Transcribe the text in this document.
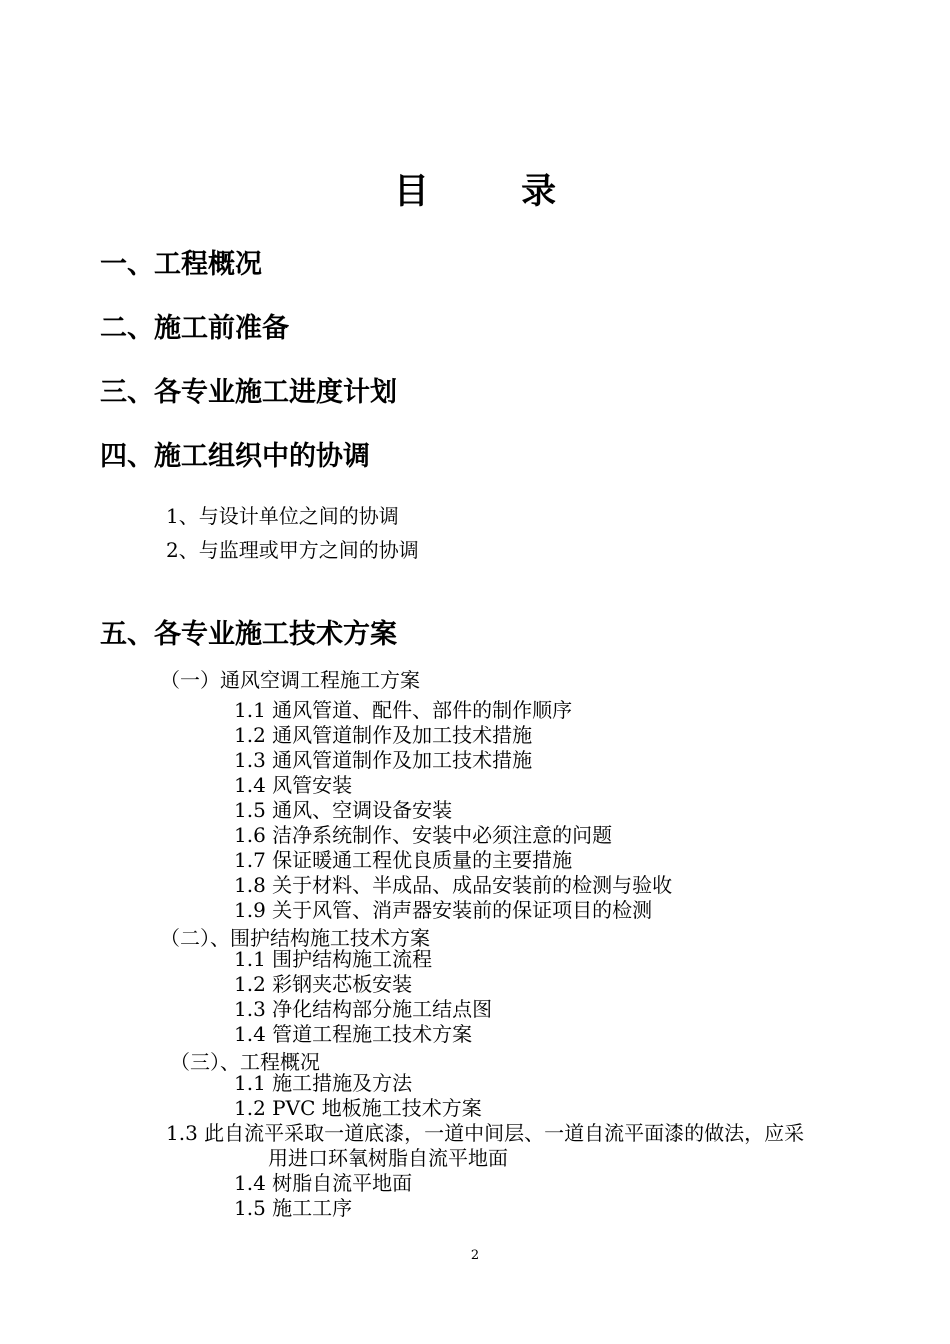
目 录
一、工程概况
二、施工前准备
三、各专业施工进度计划
四、施工组织中的协调
1、与设计单位之间的协调
2、与监理或甲方之间的协调
五、各专业施工技术方案
（一）通风空调工程施工方案
1.1 通风管道、配件、部件的制作顺序
1.2 通风管道制作及加工技术措施
1.3 通风管道制作及加工技术措施
1.4 风管安装
1.5 通风、空调设备安装
1.6 洁净系统制作、安装中必须注意的问题
1.7 保证暖通工程优良质量的主要措施
1.8 关于材料、半成品、成品安装前的检测与验收
1.9 关于风管、消声器安装前的保证项目的检测
（二）、围护结构施工技术方案
1.1 围护结构施工流程
1.2 彩钢夹芯板安装
1.3 净化结构部分施工结点图
1.4 管道工程施工技术方案
（三）、工程概况
1.1 施工措施及方法
1.2 PVC 地板施工技术方案
1.3 此自流平采取一道底漆，一道中间层、一道自流平面漆的做法，应采
用进口环氧树脂自流平地面
1.4 树脂自流平地面
1.5 施工工序
2
